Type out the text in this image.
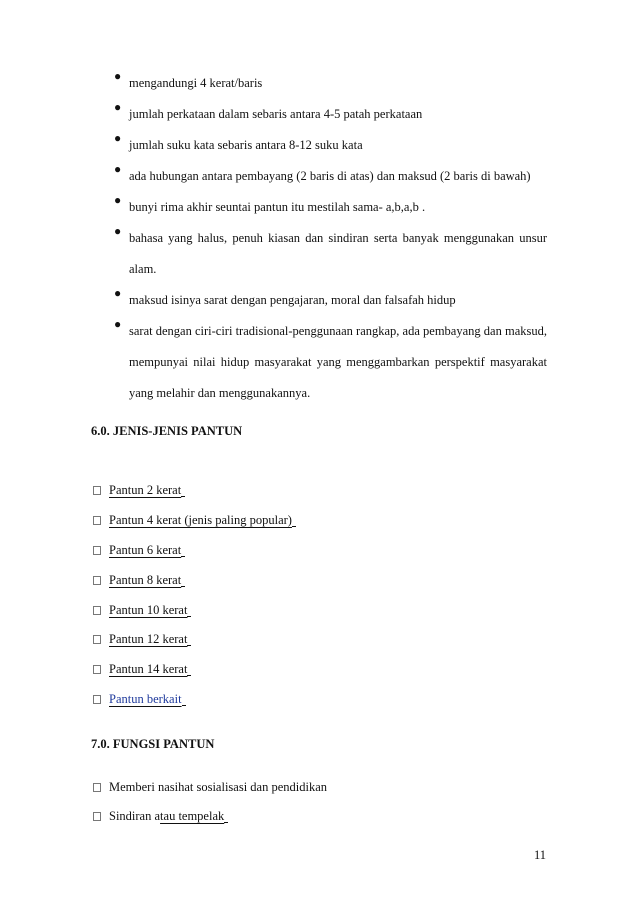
● mengandungi 4 kerat/baris
● jumlah perkataan dalam sebaris antara 4-5 patah perkataan
● jumlah suku kata sebaris antara 8-12 suku kata
● ada hubungan antara pembayang (2 baris di atas) dan maksud (2 baris di bawah)
● bunyi rima akhir seuntai pantun itu mestilah sama- a,b,a,b .
● bahasa yang halus, penuh kiasan dan sindiran serta banyak menggunakan unsur alam.
● maksud isinya sarat dengan pengajaran, moral dan falsafah hidup
● sarat dengan ciri-ciri tradisional-penggunaan rangkap, ada pembayang dan maksud, mempunyai nilai hidup masyarakat yang menggambarkan perspektif masyarakat yang melahir dan menggunakannya.
6.0. JENIS-JENIS PANTUN
Pantun 2 kerat
Pantun 4 kerat (jenis paling popular)
Pantun 6 kerat
Pantun 8 kerat
Pantun 10 kerat
Pantun 12 kerat
Pantun 14 kerat
Pantun berkait
7.0. FUNGSI PANTUN
Memberi nasihat sosialisasi dan pendidikan
Sindiran atau tempelak
11
